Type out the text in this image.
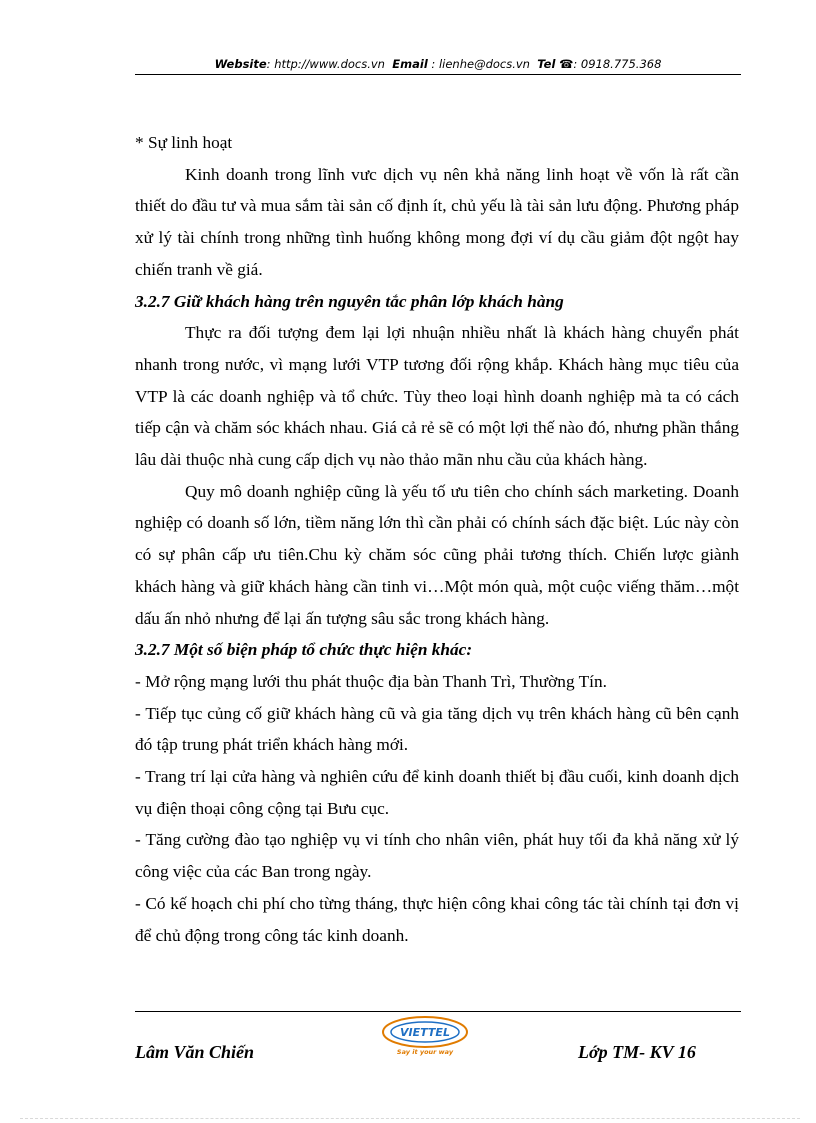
Website: http://www.docs.vn Email : lienhe@docs.vn Tel ☎: 0918.775.368

* Sự linh hoạt

Kinh doanh trong lĩnh vưc dịch vụ nên khả năng linh hoạt về vốn là rất cần thiết do đầu tư và mua sắm tài sản cố định ít, chủ yếu là tài sản lưu động. Phương pháp xử lý tài chính trong những tình huống không mong đợi ví dụ cầu giảm đột ngột hay chiến tranh về giá.

3.2.7 Giữ khách hàng trên nguyên tắc phân lớp khách hàng

Thực ra đối tượng đem lại lợi nhuận nhiều nhất là khách hàng chuyển phát nhanh trong nước, vì mạng lưới VTP tương đối rộng khắp. Khách hàng mục tiêu của VTP là các doanh nghiệp và tổ chức. Tùy theo loại hình doanh nghiệp mà ta có cách tiếp cận và chăm sóc khách nhau. Giá cả rẻ sẽ có một lợi thế nào đó, nhưng phần thắng lâu dài thuộc nhà cung cấp dịch vụ nào thảo mãn nhu cầu của khách hàng.

Quy mô doanh nghiệp cũng là yếu tố ưu tiên cho chính sách marketing. Doanh nghiệp có doanh số lớn, tiềm năng lớn thì cần phải có chính sách đặc biệt. Lúc này còn có sự phân cấp ưu tiên.Chu kỳ chăm sóc cũng phải tương thích. Chiến lược giành khách hàng và giữ khách hàng cần tinh vi…Một món quà, một cuộc viếng thăm…một dấu ấn nhỏ nhưng để lại ấn tượng sâu sắc trong khách hàng.

3.2.7 Một số biện pháp tổ chức thực hiện khác:

- Mở rộng mạng lưới thu phát thuộc địa bàn Thanh Trì, Thường Tín.

- Tiếp tục củng cố giữ khách hàng cũ và gia tăng dịch vụ trên khách hàng cũ bên cạnh đó tập trung phát triển khách hàng mới.

- Trang trí lại cửa hàng và nghiên cứu để kinh doanh thiết bị đầu cuối, kinh doanh dịch vụ điện thoại công cộng tại Bưu cục.

- Tăng cường đào tạo nghiệp vụ vi tính cho nhân viên, phát huy tối đa khả năng xử lý công việc của các Ban trong ngày.

- Có kế hoạch chi phí cho từng tháng, thực hiện công khai công tác tài chính tại đơn vị để chủ động trong công tác kinh doanh.

Lâm Văn Chiến
VIETTEL
Say it your way	Lớp TM- KV 16
